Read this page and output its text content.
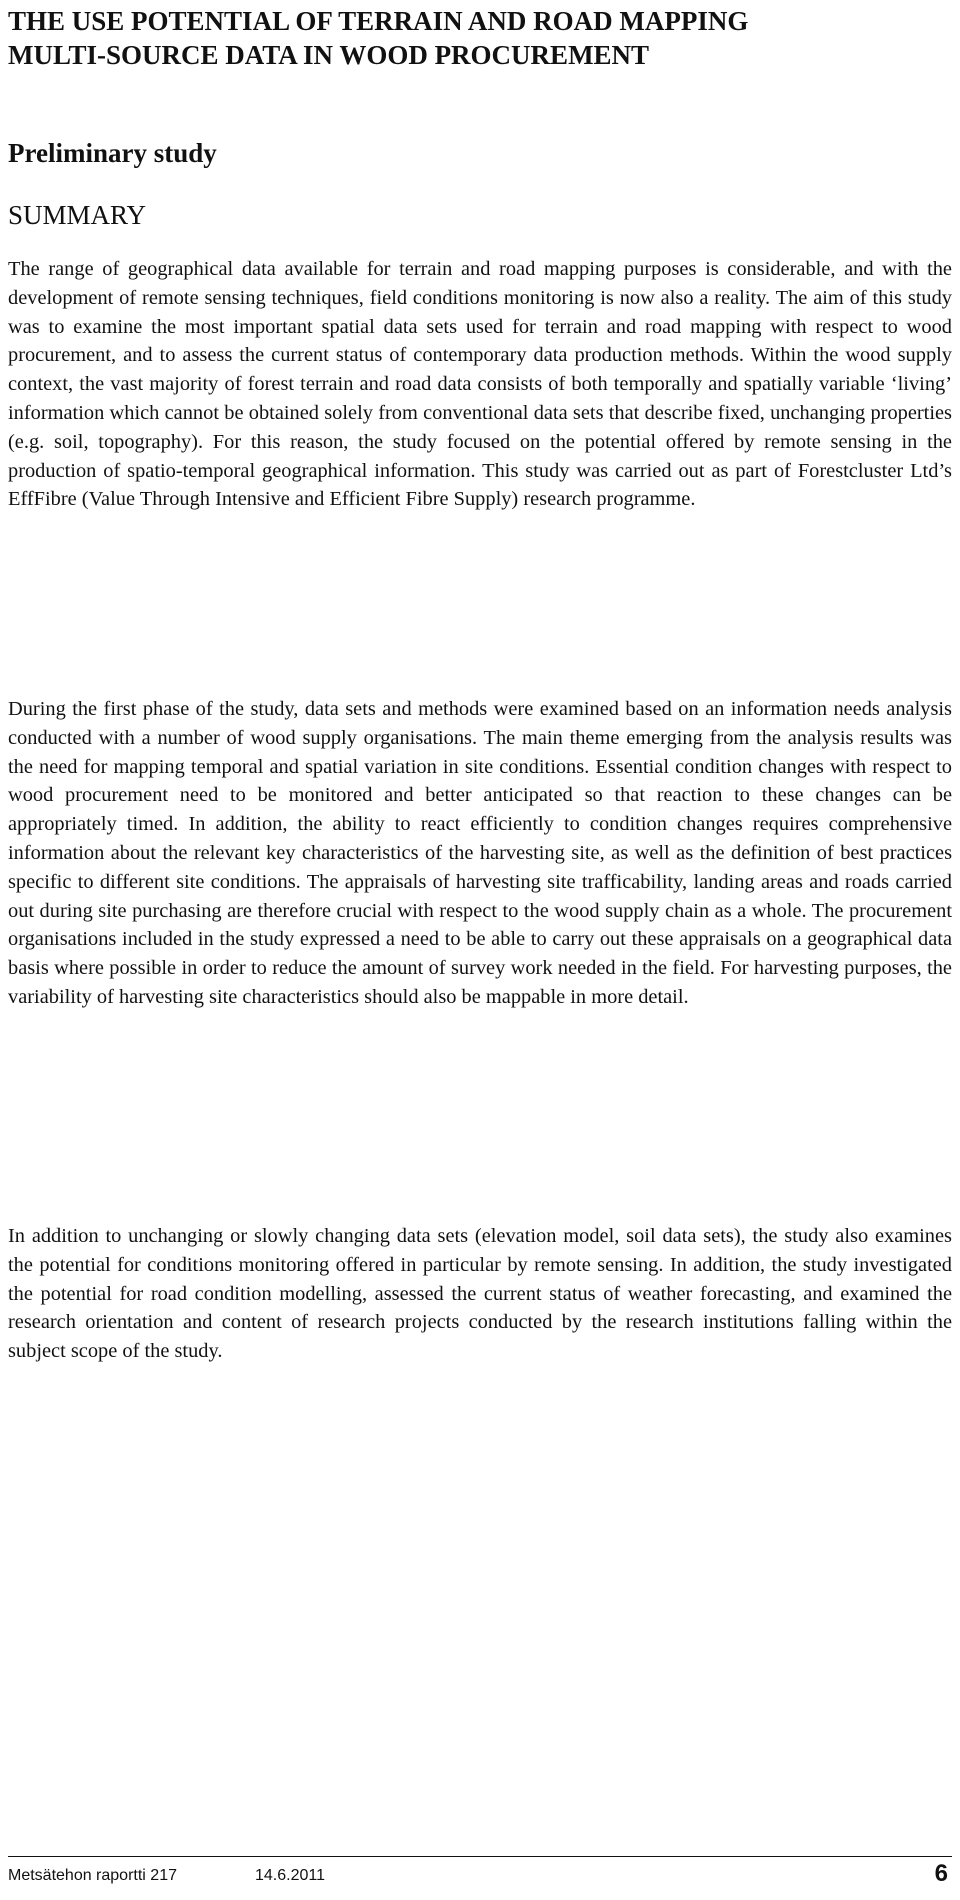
THE USE POTENTIAL OF TERRAIN AND ROAD MAPPING MULTI-SOURCE DATA IN WOOD PROCUREMENT
Preliminary study
SUMMARY

The range of geographical data available for terrain and road mapping purposes is considerable, and with the development of remote sensing techniques, field conditions monitoring is now also a reality. The aim of this study was to examine the most important spatial data sets used for terrain and road mapping with respect to wood procurement, and to assess the current status of contemporary data production methods. Within the wood supply context, the vast majority of forest terrain and road data consists of both temporally and spatially variable ‘living’ information which cannot be obtained solely from conventional data sets that describe fixed, unchanging properties (e.g. soil, topography). For this reason, the study focused on the potential offered by remote sensing in the production of spatio-temporal geographical information. This study was carried out as part of Forestcluster Ltd’s EffFibre (Value Through Intensive and Efficient Fibre Supply) research programme.

During the first phase of the study, data sets and methods were examined based on an information needs analysis conducted with a number of wood supply organisations. The main theme emerging from the analysis results was the need for mapping temporal and spatial variation in site conditions. Essential condition changes with respect to wood procurement need to be monitored and better anticipated so that reaction to these changes can be appropriately timed. In addition, the ability to react efficiently to condition changes requires comprehensive information about the relevant key characteristics of the harvesting site, as well as the definition of best practices specific to different site conditions. The appraisals of harvesting site trafficability, landing areas and roads carried out during site purchasing are therefore crucial with respect to the wood supply chain as a whole. The procurement organisations included in the study expressed a need to be able to carry out these appraisals on a geographical data basis where possible in order to reduce the amount of survey work needed in the field. For harvesting purposes, the variability of harvesting site characteristics should also be mappable in more detail.

In addition to unchanging or slowly changing data sets (elevation model, soil data sets), the study also examines the potential for conditions monitoring offered in particular by remote sensing. In addition, the study investigated the potential for road condition modelling, assessed the current status of weather forecasting, and examined the research orientation and content of research projects conducted by the research institutions falling within the subject scope of the study.

Metsätehon raportti 217	14.6.2011	6
